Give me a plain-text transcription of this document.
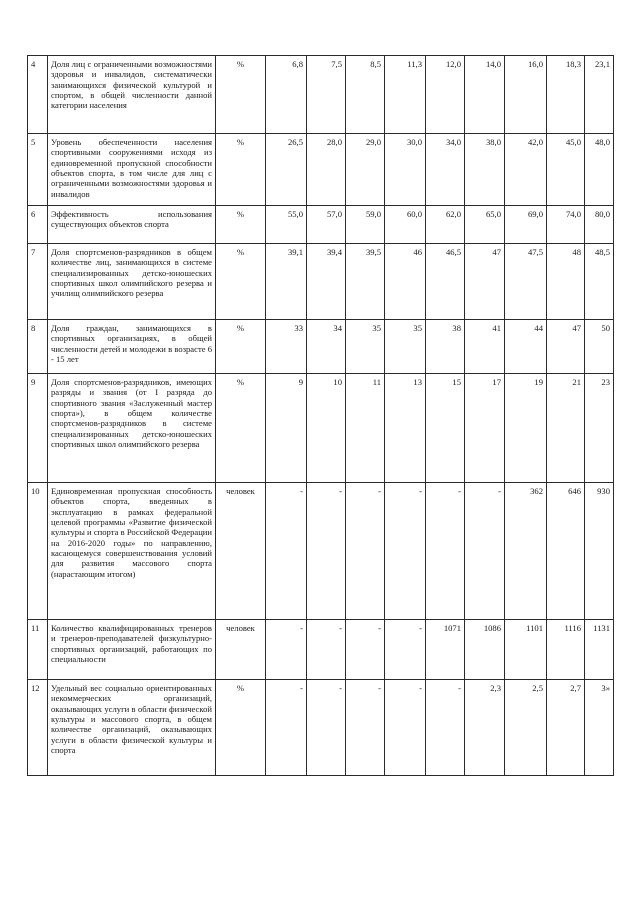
4	Доля лиц с ограниченными возможностями здоровья и инвалидов, систематически занимающихся физической культурой и спортом, в общей численности данной категории населения	%	6,8	7,5	8,5	11,3	12,0	14,0	16,0	18,3	23,1
5	Уровень обеспеченности населения спортивными сооружениями исходя из единовременной пропускной способности объектов спорта, в том числе для лиц с ограниченными возможностями здоровья и инвалидов	%	26,5	28,0	29,0	30,0	34,0	38,0	42,0	45,0	48,0
6	Эффективность использования существующих объектов спорта	%	55,0	57,0	59,0	60,0	62,0	65,0	69,0	74,0	80,0
7	Доля спортсменов-разрядников в общем количестве лиц, занимающихся в системе специализированных детско-юношеских спортивных школ олимпийского резерва и училищ олимпийского резерва	%	39,1	39,4	39,5	46	46,5	47	47,5	48	48,5
8	Доля граждан, занимающихся в спортивных организациях, в общей численности детей и молодежи в возрасте 6 - 15 лет	%	33	34	35	35	38	41	44	47	50
9	Доля спортсменов-разрядников, имеющих разряды и звания (от I разряда до спортивного звания «Заслуженный мастер спорта»), в общем количестве спортсменов-разрядников в системе специализированных детско-юношеских спортивных школ олимпийского резерва	%	9	10	11	13	15	17	19	21	23
10	Единовременная пропускная способность объектов спорта, введенных в эксплуатацию в рамках федеральной целевой программы «Развитие физической культуры и спорта в Российской Федерации на 2016-2020 годы» по направлению, касающемуся совершенствования условий для развития массового спорта (нарастающим итогом)	человек	-	-	-	-	-	-	362	646	930
11	Количество квалифицированных тренеров и тренеров-преподавателей физкультурно-спортивных организаций, работающих по специальности	человек	-	-	-	-	1071	1086	1101	1116	1131
12	Удельный вес социально ориентированных некоммерческих организаций, оказывающих услуги в области физической культуры и массового спорта, в общем количестве организаций, оказывающих услуги в области физической культуры и спорта	%	-	-	-	-	-	2,3	2,5	2,7	3»
